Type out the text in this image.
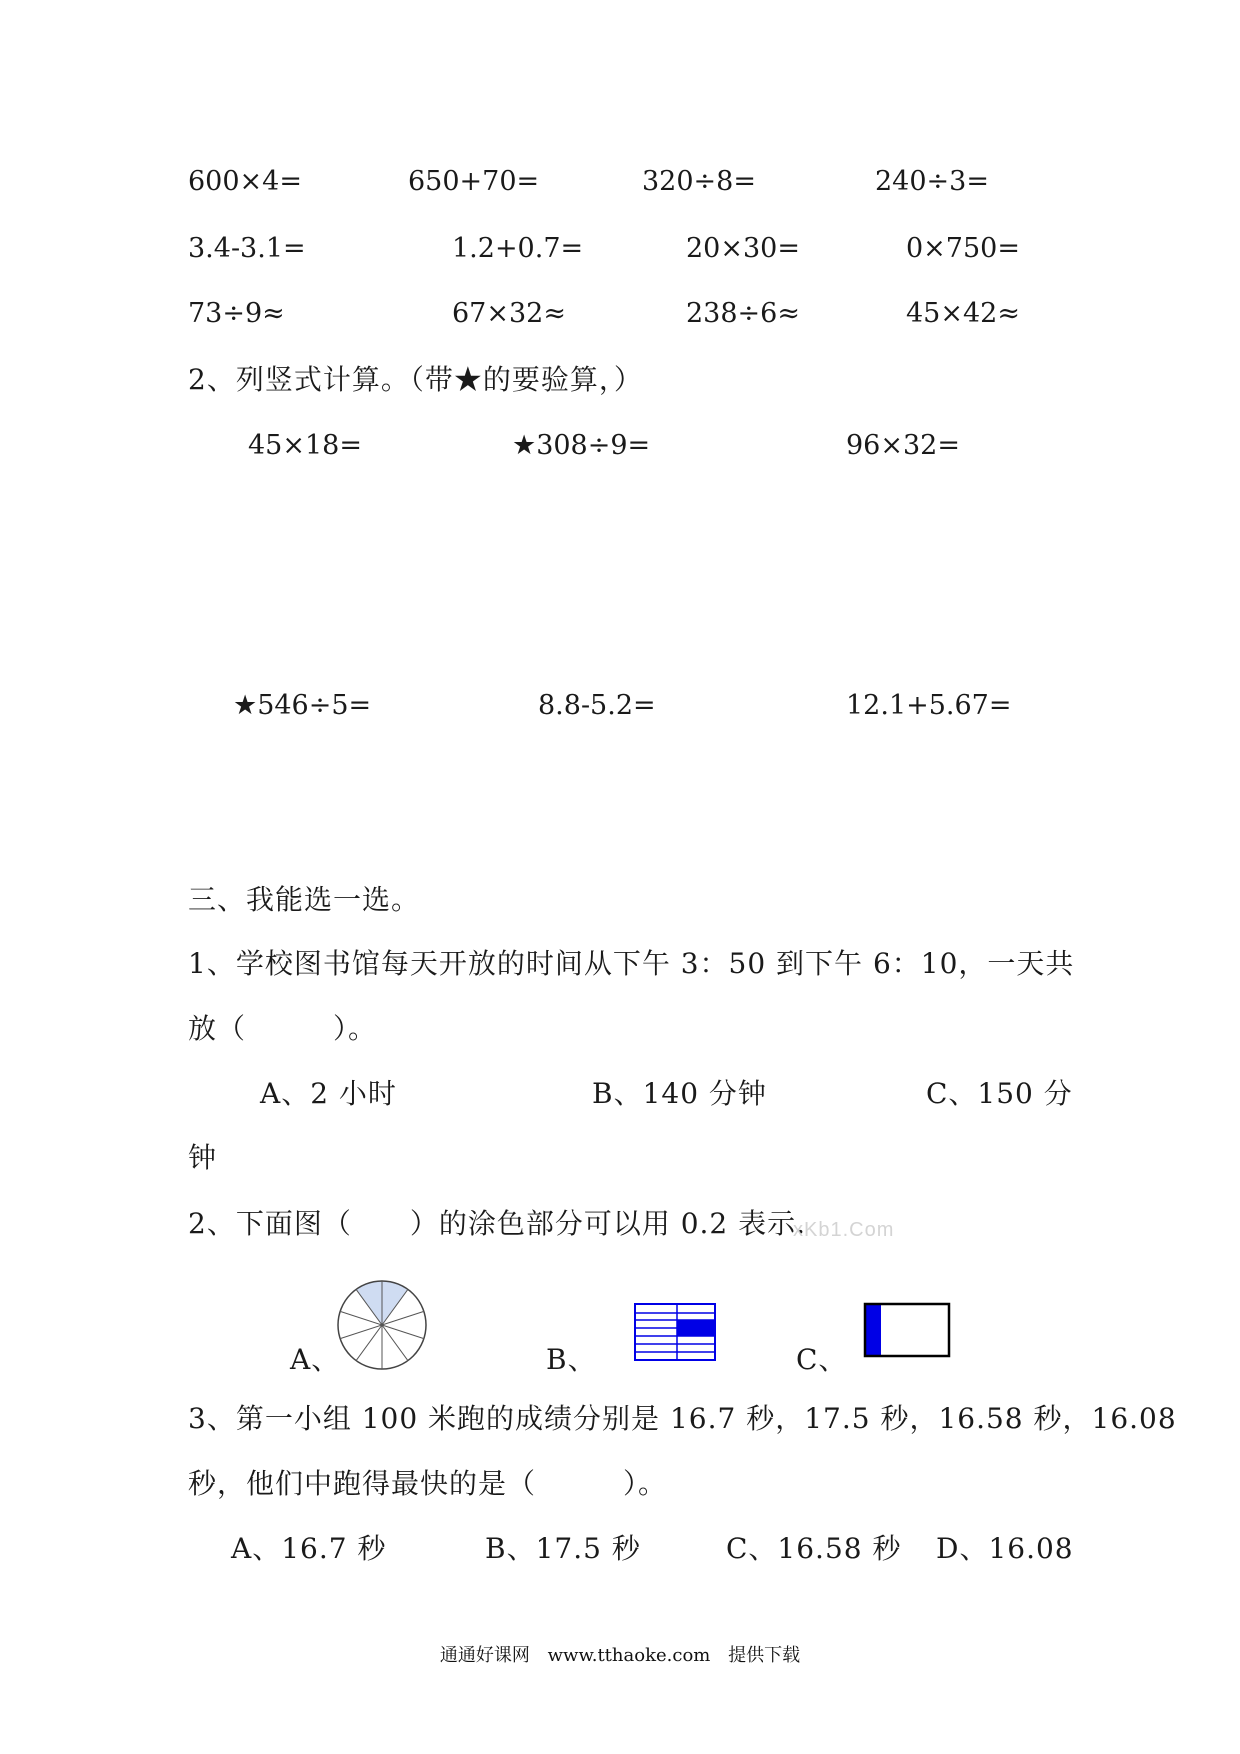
600×4=	650+70=	320÷8=	240÷3=
3.4-3.1=	1.2+0.7=	20×30=	0×750=
73÷9≈	67×32≈	238÷6≈	45×42≈
2、列竖式计算。（带★的要验算，）
45×18=	★308÷9=	96×32=
★546÷5=	8.8-5.2=	12.1+5.67=
三、我能选一选。
1、学校图书馆每天开放的时间从下午 3：50 到下午 6：10，一天共
放（　　　）。
A、2 小时	B、140 分钟	C、150 分
钟
2、下面图（　　）的涂色部分可以用 0.2 表示.
xKb1.Com
A、	B、	C、
3、第一小组 100 米跑的成绩分别是 16.7 秒，17.5 秒，16.58 秒，16.08
秒，他们中跑得最快的是（　　　）。
A、16.7 秒	B、17.5 秒	C、16.58 秒 D、16.08
通通好课网 www.tthaoke.com 提供下载
